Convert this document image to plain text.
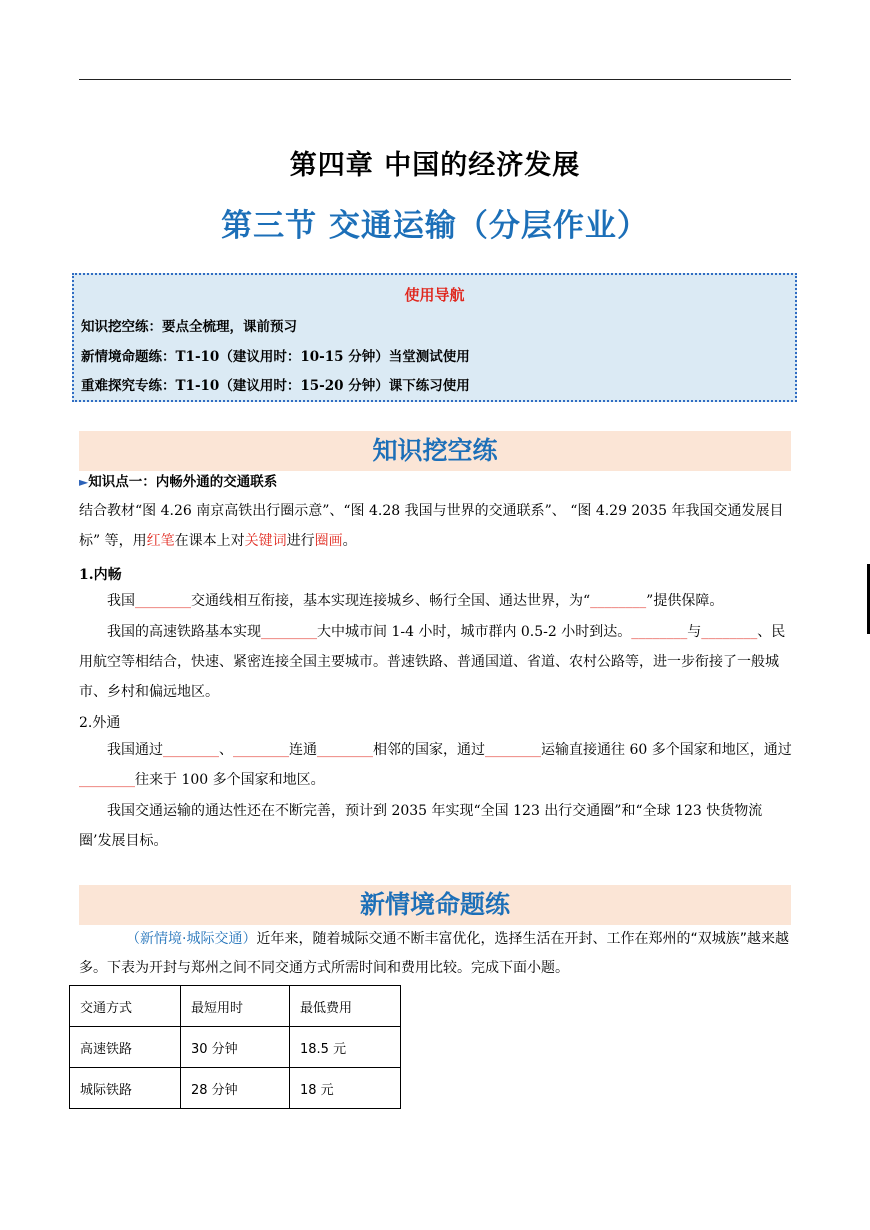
第四章 中国的经济发展
第三节 交通运输（分层作业）
使用导航
知识挖空练：要点全梳理，课前预习
新情境命题练：T1-10（建议用时：10-15 分钟）当堂测试使用
重难探究专练：T1-10（建议用时：15-20 分钟）课下练习使用
知识挖空练
►知识点一：内畅外通的交通联系
结合教材“图 4.26 南京高铁出行圈示意”、“图 4.28 我国与世界的交通联系”、 “图 4.29 2035 年我国交通发展目标” 等，用红笔在课本上对关键词进行圈画。
1.内畅
我国________交通线相互衔接，基本实现连接城乡、畅行全国、通达世界，为“________”提供保障。
我国的高速铁路基本实现________大中城市间 1-4 小时，城市群内 0.5-2 小时到达。________与________、民用航空等相结合，快速、紧密连接全国主要城市。普速铁路、普通国道、省道、农村公路等，进一步衔接了一般城市、乡村和偏远地区。
2.外通
我国通过________、________连通________相邻的国家，通过________运输直接通往 60 多个国家和地区，通过________往来于 100 多个国家和地区。
我国交通运输的通达性还在不断完善，预计到 2035 年实现“全国 123 出行交通圈”和“全球 123 快货物流圈’发展目标。
新情境命题练
（新情境·城际交通）近年来，随着城际交通不断丰富优化，选择生活在开封、工作在郑州的“双城族”越来越多。下表为开封与郑州之间不同交通方式所需时间和费用比较。完成下面小题。
交通方式	最短用时	最低费用
高速铁路	30 分钟	18.5 元
城际铁路	28 分钟	18 元
